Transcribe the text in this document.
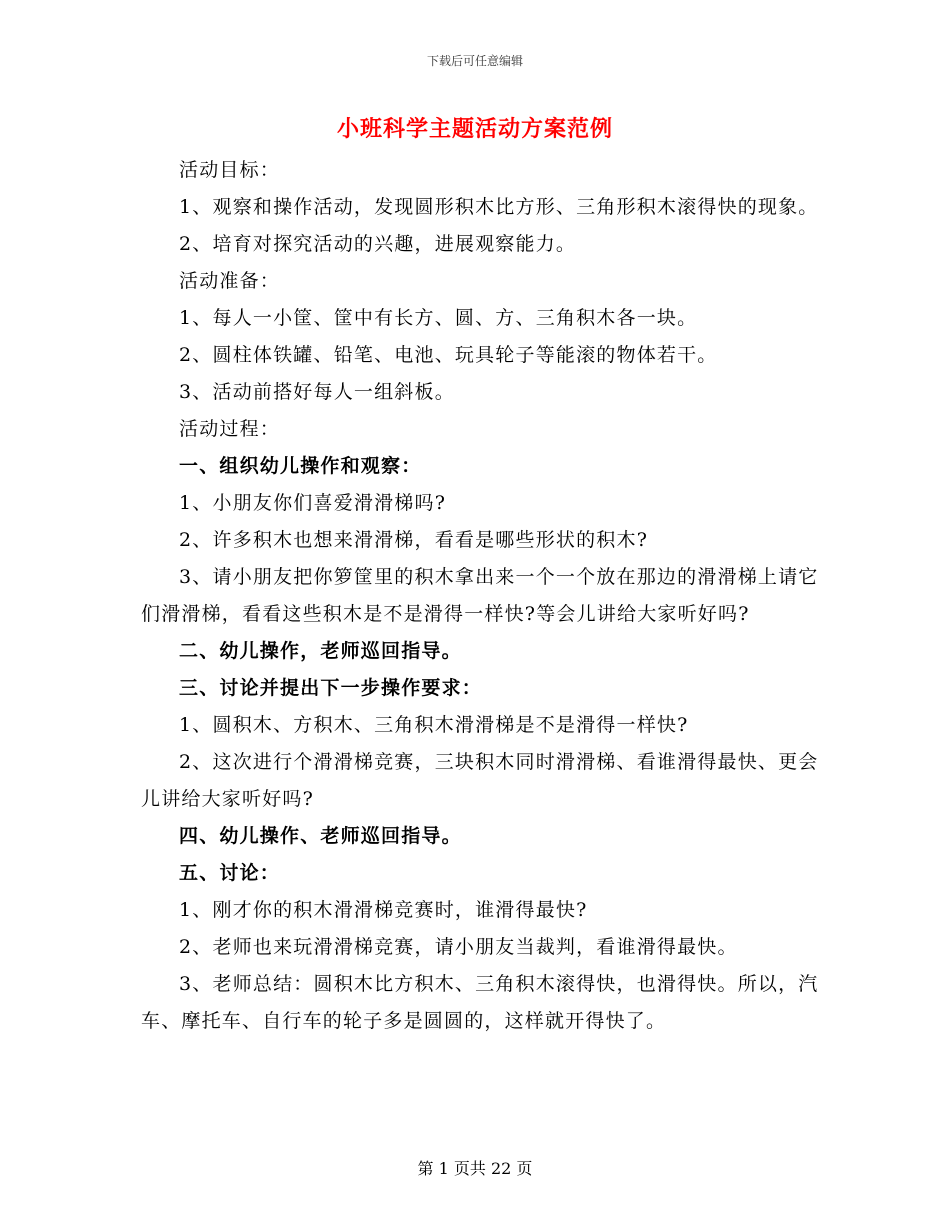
下载后可任意编辑
小班科学主题活动方案范例

活动目标：

1、观察和操作活动，发现圆形积木比方形、三角形积木滚得快的现象。

2、培育对探究活动的兴趣，进展观察能力。

活动准备：

1、每人一小筐、筐中有长方、圆、方、三角积木各一块。

2、圆柱体铁罐、铅笔、电池、玩具轮子等能滚的物体若干。

3、活动前搭好每人一组斜板。

活动过程：

一、组织幼儿操作和观察：

1、小朋友你们喜爱滑滑梯吗?

2、许多积木也想来滑滑梯，看看是哪些形状的积木?

3、请小朋友把你箩筐里的积木拿出来一个一个放在那边的滑滑梯上请它们滑滑梯，看看这些积木是不是滑得一样快?等会儿讲给大家听好吗?

二、幼儿操作，老师巡回指导。

三、讨论并提出下一步操作要求：

1、圆积木、方积木、三角积木滑滑梯是不是滑得一样快?

2、这次进行个滑滑梯竞赛，三块积木同时滑滑梯、看谁滑得最快、更会儿讲给大家听好吗?

四、幼儿操作、老师巡回指导。

五、讨论：

1、刚才你的积木滑滑梯竞赛时，谁滑得最快?

2、老师也来玩滑滑梯竞赛，请小朋友当裁判，看谁滑得最快。

3、老师总结：圆积木比方积木、三角积木滚得快，也滑得快。所以，汽车、摩托车、自行车的轮子多是圆圆的，这样就开得快了。

第 1 页共 22 页
